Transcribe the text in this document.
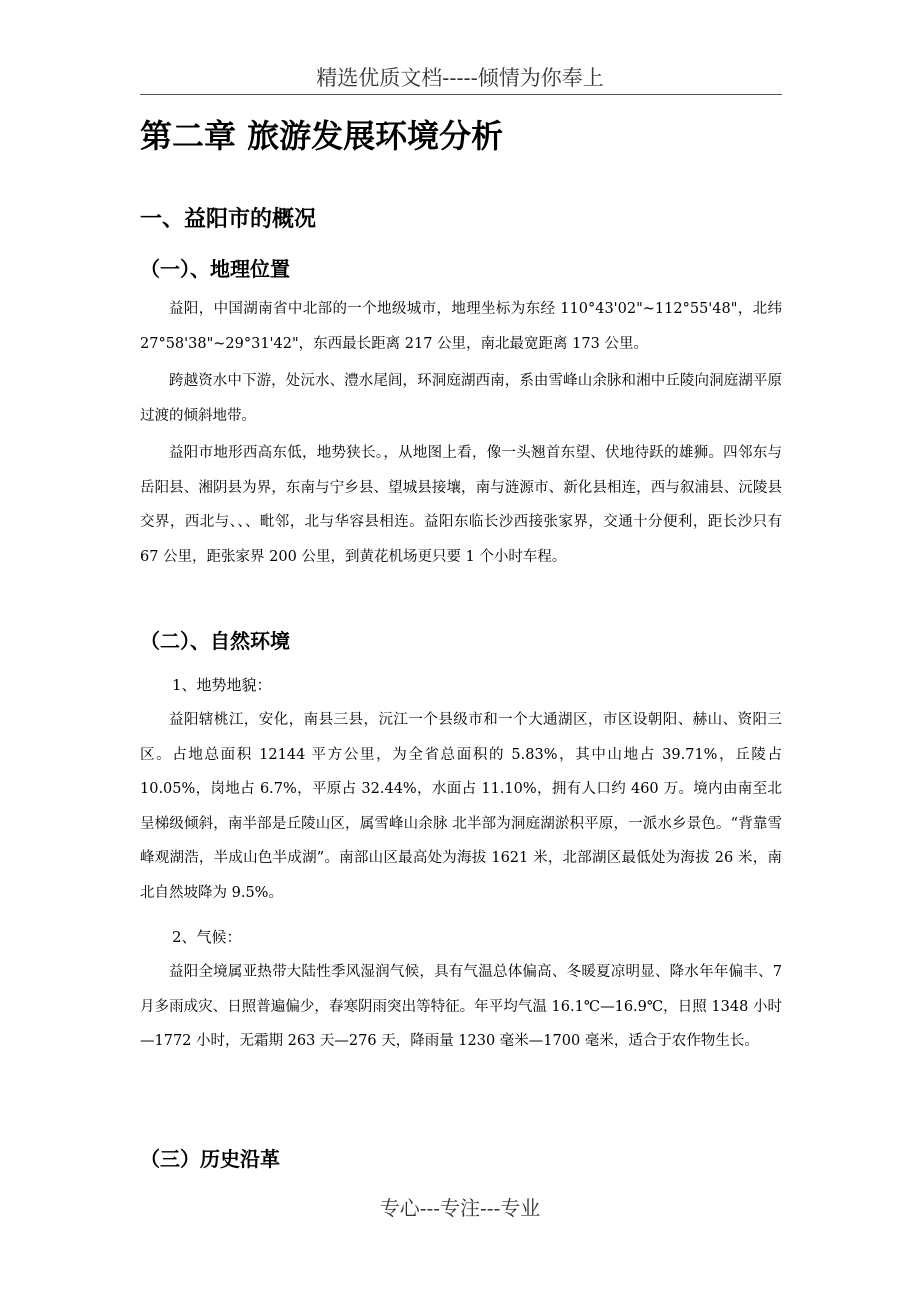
精选优质文档-----倾情为你奉上
第二章 旅游发展环境分析
一、益阳市的概况
（一）、地理位置

益阳，中国湖南省中北部的一个地级城市，地理坐标为东经 110°43'02"~112°55'48"，北纬 27°58'38"~29°31'42"，东西最长距离 217 公里，南北最宽距离 173 公里。

跨越资水中下游，处沅水、澧水尾闾，环洞庭湖西南，系由雪峰山余脉和湘中丘陵向洞庭湖平原过渡的倾斜地带。

益阳市地形西高东低，地势狭长。，从地图上看，像一头翘首东望、伏地待跃的雄狮。四邻东与岳阳县、湘阴县为界，东南与宁乡县、望城县接壤，南与涟源市、新化县相连，西与叙浦县、沅陵县交界，西北与、、、毗邻，北与华容县相连。益阳东临长沙西接张家界，交通十分便利，距长沙只有 67 公里，距张家界 200 公里，到黄花机场更只要 1 个小时车程。

（二）、自然环境
1、地势地貌：

益阳辖桃江，安化，南县三县，沅江一个县级市和一个大通湖区，市区设朝阳、赫山、资阳三区。占地总面积 12144 平方公里，为全省总面积的 5.83%，其中山地占 39.71%，丘陵占 10.05%，岗地占 6.7%，平原占 32.44%，水面占 11.10%，拥有人口约 460 万。境内由南至北呈梯级倾斜，南半部是丘陵山区，属雪峰山余脉 北半部为洞庭湖淤积平原，一派水乡景色。“背靠雪峰观湖浩，半成山色半成湖”。南部山区最高处为海拔 1621 米，北部湖区最低处为海拔 26 米，南北自然坡降为 9.5%。

2、气候：

益阳全境属亚热带大陆性季风湿润气候，具有气温总体偏高、冬暖夏凉明显、降水年年偏丰、7 月多雨成灾、日照普遍偏少，春寒阴雨突出等特征。年平均气温 16.1℃—16.9℃，日照 1348 小时—1772 小时，无霜期 263 天—276 天，降雨量 1230 毫米—1700 毫米，适合于农作物生长。

（三）历史沿革
专心---专注---专业
